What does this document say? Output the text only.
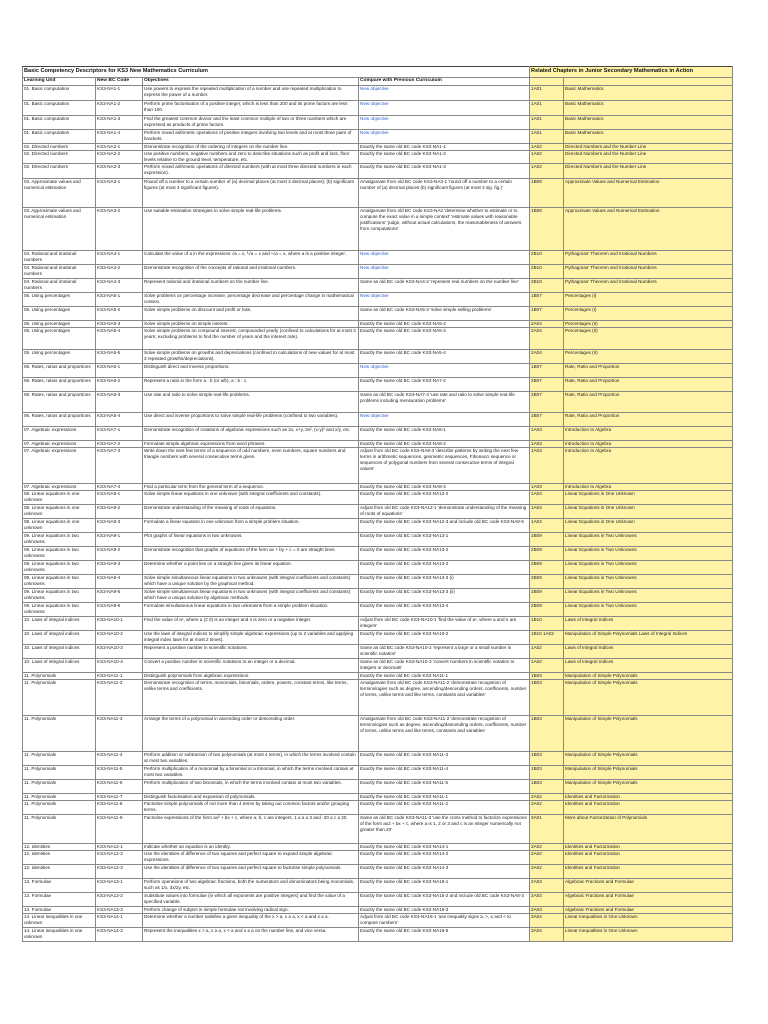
Basic Competency Descriptors for KS3 New Mathematics Curriculum				Related Chapters in Junior Secondary Mathematics in Action	
Learning Unit	New BC Code	Objectives	Compare with Previous Curriculum		
01. Basic computation	KS3-NA1-1	Use powers to express the repeated multiplication of a number and use repeated multiplication to express the power of a number.	New objective	1A01	Basic Mathematics
01. Basic computation	KS3-NA1-2	Perform prime factorisation of a positive integer, which is less than 200 and its prime factors are less than 100.	New objective	1A01	Basic Mathematics
01. Basic computation	KS3-NA1-3	Find the greatest common divisor and the least common multiple of two or three numbers which are expressed as products of prime factors.	New objective	1A01	Basic Mathematics
01. Basic computation	KS3-NA1-4	Perform mixed arithmetic operations of positive integers involving two levels and at most three pairs of brackets.	New objective	1A01	Basic Mathematics
02. Directed numbers	KS3-NA2-1	Demonstrate recognition of the ordering of integers on the number line.	Exactly the same old BC code KS3-NA1-1	1A02	Directed Numbers and the Number Line
02. Directed numbers	KS3-NA2-2	Use positive numbers, negative numbers and zero to describe situations such as profit and loss, floor levels relative to the ground level, temperature, etc.	Exactly the same old BC code KS3-NA1-2	1A02	Directed Numbers and the Number Line
02. Directed numbers	KS3-NA2-3	Perform mixed arithmetic operations of directed numbers (with at most three directed numbers in each expression).	Exactly the same old BC code KS3-NA1-3	1A02	Directed Numbers and the Number Line
03. Approximate values and numerical estimation	KS3-NA3-1	Round off a number to a certain number of (a) decimal places (at most 3 decimal places); (b) significant figures (at most 3 significant figures).	Amalgamate from old BC code KS3-NA3-1 'round off a number to a certain number of (a) decimal places (b) significant figures (at most 3 sig. fig.)'	1B08	Approximate Values and Numerical Estimation
03. Approximate values and numerical estimation	KS3-NA3-2	Use suitable estimation strategies to solve simple real-life problems.	Amalgamate from old BC code KS3-NA2 'determine whether to estimate or to compute the exact value in a simple context' 'estimate values with reasonable justifications' 'judge, without actual calculations, the reasonableness of answers from computations'	1B08	Approximate Values and Numerical Estimation
04. Rational and irrational numbers	KS3-NA4-1	Calculate the value of a in the expressions √a = x, ³√a = x and ⁿ√a = x, where a is a positive integer.	New objective	2B10	Pythagoras' Theorem and Irrational Numbers
04. Rational and irrational numbers	KS3-NA4-2	Demonstrate recognition of the concepts of rational and irrational numbers.	New objective	2B10	Pythagoras' Theorem and Irrational Numbers
04. Rational and irrational numbers	KS3-NA4-3	Represent rational and irrational numbers on the number line.	Same as old BC code KS3-NA4-2 'represent real numbers on the number line'	2B10	Pythagoras' Theorem and Irrational Numbers
05. Using percentages	KS3-NA5-1	Solve problems on percentage increase, percentage decrease and percentage change in mathematical context.	New objective	1B07	Percentages (I)
05. Using percentages	KS3-NA5-2	Solve simple problems on discount and profit or loss.	Same as old BC code KS3-NA5-3 'solve simple selling problems'	1B07	Percentages (I)
05. Using percentages	KS3-NA5-3	Solve simple problems on simple interest.	Exactly the same old BC code KS3-NA5-2	2A04	Percentages (II)
05. Using percentages	KS3-NA5-4	Solve simple problems on compound interest, compounded yearly (confined to calculations for at most 3 years; excluding problems to find the number of years and the interest rate).	Exactly the same old BC code KS3-NA5-3	2A04	Percentages (II)
05. Using percentages	KS3-NA5-5	Solve simple problems on growths and depreciations (confined to calculations of new values for at most 3 repeated growths/depreciations).	Exactly the same old BC code KS3-NA5-4	2A04	Percentages (II)
06. Rates, ratios and proportions	KS3-NA6-1	Distinguish direct and inverse proportions.	New objective	1B07	Rate, Ratio and Proportion
06. Rates, ratios and proportions	KS3-NA6-2	Represent a ratio in the form a : b (or a/b), a : b : c.	Exactly the same old BC code KS3-NA7-2	2B07	Rate, Ratio and Proportion
06. Rates, ratios and proportions	KS3-NA6-3	Use rate and ratio to solve simple real-life problems.	Same as old BC code KS3-NA7-4 'use rate and ratio to solve simple real-life problems including mensuration problems'	2B07	Rate, Ratio and Proportion
06. Rates, ratios and proportions	KS3-NA6-4	Use direct and inverse proportions to solve simple real-life problems (confined to two variables).	New objective	2B07	Rate, Ratio and Proportion
07. Algebraic expressions	KS3-NA7-1	Demonstrate recognition of notations of algebraic expressions such as 2x, x+y, 3x², (x-y)² and x/y, etc.	Exactly the same old BC code KS3-NA8-1	1A03	Introduction to Algebra
07. Algebraic expressions	KS3-NA7-2	Formulate simple algebraic expressions from word phrases.	Exactly the same old BC code KS3-NA8-2	1A03	Introduction to Algebra
07. Algebraic expressions	KS3-NA7-3	Write down the next few terms of a sequence of odd numbers, even numbers, square numbers and triangle numbers with several consecutive terms given.	Adjust from old BC code KS3-NA8-3 'describe patterns by writing the next few terms in arithmetic sequences, geometric sequences, Fibonacci sequence or sequences of polygonal numbers from several consecutive terms of integral values'	1A03	Introduction to Algebra
07. Algebraic expressions	KS3-NA7-4	Find a particular term from the general term of a sequence.	Exactly the same old BC code KS3-NA8-4	1A03	Introduction to Algebra
08. Linear equations in one unknown	KS3-NA8-1	Solve simple linear equations in one unknown (with integral coefficients and constants).	Exactly the same old BC code KS3-NA12-2	1A04	Linear Equations in One Unknown
08. Linear equations in one unknown	KS3-NA8-2	Demonstrate understanding of the meaning of roots of equations.	Adjust from old BC code KS3-NA12-1 'demonstrate understanding of the meaning of roots of equations'	1A04	Linear Equations in One Unknown
08. Linear equations in one unknown	KS3-NA8-3	Formulate a linear equation in one unknown from a simple problem situation.	Exactly the same old BC code KS3-NA12-3 and include old BC code KS3-NA8-5	1A04	Linear Equations in One Unknown
09. Linear equations in two unknowns	KS3-NA9-1	Plot graphs of linear equations in two unknowns.	Exactly the same old BC code KS3-NA13-1	2B09	Linear Equations in Two Unknowns
09. Linear equations in two unknowns	KS3-NA9-2	Demonstrate recognition that graphs of equations of the form ax + by + c = 0 are straight lines.	Exactly the same old BC code KS3-NA13-2	2B09	Linear Equations in Two Unknowns
09. Linear equations in two unknowns	KS3-NA9-3	Determine whether a point lies on a straight line given its linear equation.	Exactly the same old BC code KS3-NA13-2	2B09	Linear Equations in Two Unknowns
09. Linear equations in two unknowns	KS3-NA9-4	Solve simple simultaneous linear equations in two unknowns (with integral coefficients and constants) which have a unique solution by the graphical method.	Exactly the same old BC code KS3-NA13-3 (i)	2B09	Linear Equations in Two Unknowns
09. Linear equations in two unknowns	KS3-NA9-5	Solve simple simultaneous linear equations in two unknowns (with integral coefficients and constants) which have a unique solution by algebraic methods.	Exactly the same old BC code KS3-NA13-3 (ii)	2B09	Linear Equations in Two Unknowns
09. Linear equations in two unknowns	KS3-NA9-6	Formulate simultaneous linear equations in two unknowns from a simple problem situation.	Exactly the same old BC code KS3-NA13-4	2B09	Linear Equations in Two Unknowns
10. Laws of integral indices	KS3-NA10-1	Find the value of aⁿ, where a (≠ 0) is an integer and n is zero or a negative integer.	Adjust from old BC code KS3-NA10-1 'find the value of aⁿ, where a and n are integers'	1B10	Laws of Integral Indices
10. Laws of integral indices	KS3-NA10-2	Use the laws of integral indices to simplify simple algebraic expressions (up to 2 variables and applying integral index laws for at most 2 times).	Exactly the same old BC code KS3-NA10-2	1B10 1A02	Manipulation of Simple Polynomials Laws of Integral Indices
10. Laws of integral indices	KS3-NA10-3	Represent a positive number in scientific notations.	Same as old BC code KS3-NA10-2 'represent a large or a small number in scientific notation'	1A02	Laws of Integral Indices
10. Laws of integral indices	KS3-NA10-4	Convert a positive number in scientific notations to an integer or a decimal.	Same as old BC code KS3-NA10-3 'convert numbers in scientific notation to integers or decimals'	1A02	Laws of Integral Indices
11. Polynomials	KS3-NA11-1	Distinguish polynomials from algebraic expressions.	Exactly the same old BC code KS3-NA11-1	1B03	Manipulation of Simple Polynomials
11. Polynomials	KS3-NA11-2	Demonstrate recognition of terms, monomials, binomials, orders, powers, constant terms, like terms, unlike terms and coefficients.	Amalgamate from old BC code KS3-NA11-2 'demonstrate recognition of terminologies such as degree, ascending/descending orders, coefficients, number of terms, unlike terms and like terms, constants and variables'	1B03	Manipulation of Simple Polynomials
11. Polynomials	KS3-NA11-3	Arrange the terms of a polynomial in ascending order or descending order.	Amalgamate from old BC code KS3-NA11-2 'demonstrate recognition of terminologies such as degree, ascending/descending orders, coefficients, number of terms, unlike terms and like terms, constants and variables'	1B03	Manipulation of Simple Polynomials
11. Polynomials	KS3-NA11-4	Perform addition or subtraction of two polynomials (at most 4 terms), in which the terms involved contain at most two variables.	Exactly the same old BC code KS3-NA11-3	1B03	Manipulation of Simple Polynomials
11. Polynomials	KS3-NA11-5	Perform multiplication of a monomial by a binomial or a trinomial, in which the terms involved contain at most two variables.	Exactly the same old BC code KS3-NA11-4	1B03	Manipulation of Simple Polynomials
11. Polynomials	KS3-NA11-6	Perform multiplication of two binomials, in which the terms involved contain at most two variables.	Exactly the same old BC code KS3-NA11-5	1B03	Manipulation of Simple Polynomials
11. Polynomials	KS3-NA11-7	Distinguish factorisation and expansion of polynomials.	Exactly the same old BC code KS3-NA11-1	2A02	Identities and Factorization
11. Polynomials	KS3-NA11-8	Factorise simple polynomials of not more than 4 terms by taking out common factors and/or grouping terms.	Exactly the same old BC code KS3-NA11-2	2A02	Identities and Factorization
11. Polynomials	KS3-NA11-9	Factorise expressions of the form ax² + bx + c, where a, b, c are integers, 1 ≤ a ≤ 3 and -20 ≤ c ≤ 20.	Same as old BC code KS3-NA11-3 'use the cross method to factorize expressions of the form ax2 + bx + c, where a is 1, 2 or 3 and c is an integer numerically not greater than 20'	3A01	More about Factorization of Polynomials
12. Identities	KS3-NA12-1	Indicate whether an equation is an identity.	Exactly the same old BC code KS3-NA14-1	2A02	Identities and Factorization
12. Identities	KS3-NA12-2	Use the identities of difference of two squares and perfect square to expand simple algebraic expressions.	Exactly the same old BC code KS3-NA14-2	2A02	Identities and Factorization
12. Identities	KS3-NA12-3	Use the identities of difference of two squares and perfect square to factorise simple polynomials.	Exactly the same old BC code KS3-NA14-3	2A02	Identities and Factorization
13. Formulae	KS3-NA13-1	Perform operations of two algebraic fractions, both the numerators and denominators being monomials, such as 1/x, 3x/2y, etc.	Exactly the same old BC code KS3-NA15-1	2A03	Algebraic Fractions and Formulae
13. Formulae	KS3-NA13-2	Substitute values into formulae (in which all exponents are positive integers) and find the value of a specified variable.	Exactly the same old BC code KS3-NA15-2 and include old BC code KS3-NA8-3	2A03	Algebraic Fractions and Formulae
13. Formulae	KS3-NA13-3	Perform change of subject in simple formulae not involving radical sign.	Exactly the same old BC code KS3-NA15-3	2A03	Algebraic Fractions and Formulae
14. Linear inequalities in one unknown	KS3-NA14-1	Determine whether a number satisfies a given inequality of the x > a, x ≥ a, x < a and x ≤ a.	Adjust from old BC code KS3-NA16-1 'use inequality signs ≥, >, ≤ and < to compare numbers'	3A04	Linear Inequalities in One Unknown
14. Linear inequalities in one unknown	KS3-NA14-2	Represent the inequalities x > a, x ≥ a, x < a and x ≤ a on the number line, and vice versa.	Exactly the same old BC code KS3-NA16-5	3A04	Linear Inequalities in One Unknown
